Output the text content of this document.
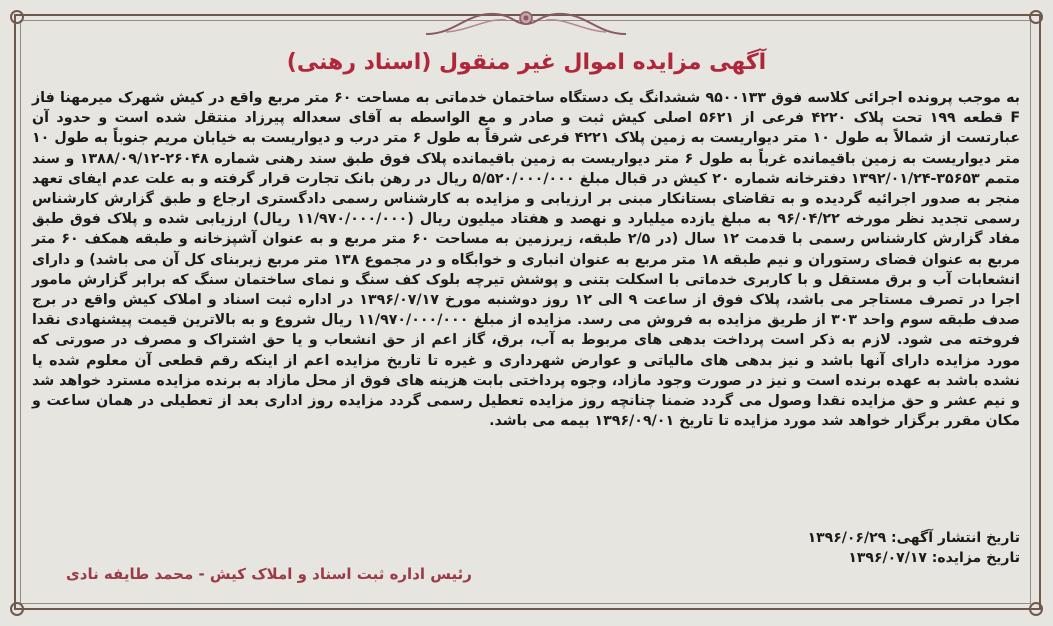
آگهی مزایده اموال غیر منقول (اسناد رهنی)

به موجب پرونده اجرائی کلاسه فوق ۹۵۰۰۱۳۳ ششدانگ یک دستگاه ساختمان خدماتی به مساحت ۶۰ متر مربع واقع در کیش شهرک میرمهنا فاز F قطعه ۱۹۹ تحت پلاک ۴۲۲۰ فرعی از ۵۶۲۱ اصلی کیش ثبت و صادر و مع الواسطه به آقای سعداله پیرزاد منتقل شده است و حدود آن عبارتست از شمالاً به طول ۱۰ متر دیواریست به زمین پلاک ۴۲۲۱ فرعی شرقاً به طول ۶ متر درب و دیواریست به خیابان مریم جنوباً به طول ۱۰ متر دیواریست به زمین باقیمانده غرباً به طول ۶ متر دیواریست به زمین باقیمانده پلاک فوق طبق سند رهنی شماره ۲۶۰۴۸-۱۳۸۸/۰۹/۱۲ و سند متمم ۳۵۶۵۳-۱۳۹۲/۰۱/۲۴ دفترخانه شماره ۲۰ کیش در قبال مبلغ ۵/۵۲۰/۰۰۰/۰۰۰ ریال در رهن بانک تجارت قرار گرفته و به علت عدم ایفای تعهد منجر به صدور اجرائیه گردیده و به تقاضای بستانکار مبنی بر ارزیابی و مزایده به کارشناس رسمی دادگستری ارجاع و طبق گزارش کارشناس رسمی تجدید نظر مورخه ۹۶/۰۴/۲۲ به مبلغ یازده میلیارد و نهصد و هفتاد میلیون ریال (۱۱/۹۷۰/۰۰۰/۰۰۰ ریال) ارزیابی شده و پلاک فوق طبق مفاد گزارش کارشناس رسمی با قدمت ۱۲ سال (در ۲/۵ طبقه، زیرزمین به مساحت ۶۰ متر مربع و به عنوان آشپزخانه و طبقه همکف ۶۰ متر مربع به عنوان فضای رستوران و نیم طبقه ۱۸ متر مربع به عنوان انباری و خوابگاه و در مجموع ۱۳۸ متر مربع زیربنای کل آن می باشد) و دارای انشعابات آب و برق مستقل و با کاربری خدماتی با اسکلت بتنی و پوشش تیرچه بلوک کف سنگ و نمای ساختمان سنگ که برابر گزارش مامور اجرا در تصرف مستاجر می باشد، پلاک فوق از ساعت ۹ الی ۱۲ روز دوشنبه مورخ ۱۳۹۶/۰۷/۱۷ در اداره ثبت اسناد و املاک کیش واقع در برج صدف طبقه سوم واحد ۳۰۳ از طریق مزایده به فروش می رسد. مزایده از مبلغ ۱۱/۹۷۰/۰۰۰/۰۰۰ ریال شروع و به بالاترین قیمت پیشنهادی نقدا فروخته می شود. لازم به ذکر است پرداخت بدهی های مربوط به آب، برق، گاز اعم از حق انشعاب و یا حق اشتراک و مصرف در صورتی که مورد مزایده دارای آنها باشد و نیز بدهی های مالیاتی و عوارض شهرداری و غیره تا تاریخ مزایده اعم از اینکه رقم قطعی آن معلوم شده یا نشده باشد به عهده برنده است و نیز در صورت وجود مازاد، وجوه پرداختی بابت هزینه های فوق از محل مازاد به برنده مزایده مسترد خواهد شد و نیم عشر و حق مزایده نقدا وصول می گردد ضمنا چنانچه روز مزایده تعطیل رسمی گردد مزایده روز اداری بعد از تعطیلی در همان ساعت و مکان مقرر برگزار خواهد شد مورد مزایده تا تاریخ ۱۳۹۶/۰۹/۰۱ بیمه می باشد.

تاریخ انتشار آگهی: ۱۳۹۶/۰۶/۲۹
تاریخ مزایده: ۱۳۹۶/۰۷/۱۷
رئیس اداره ثبت اسناد و املاک کیش - محمد طایفه نادی
